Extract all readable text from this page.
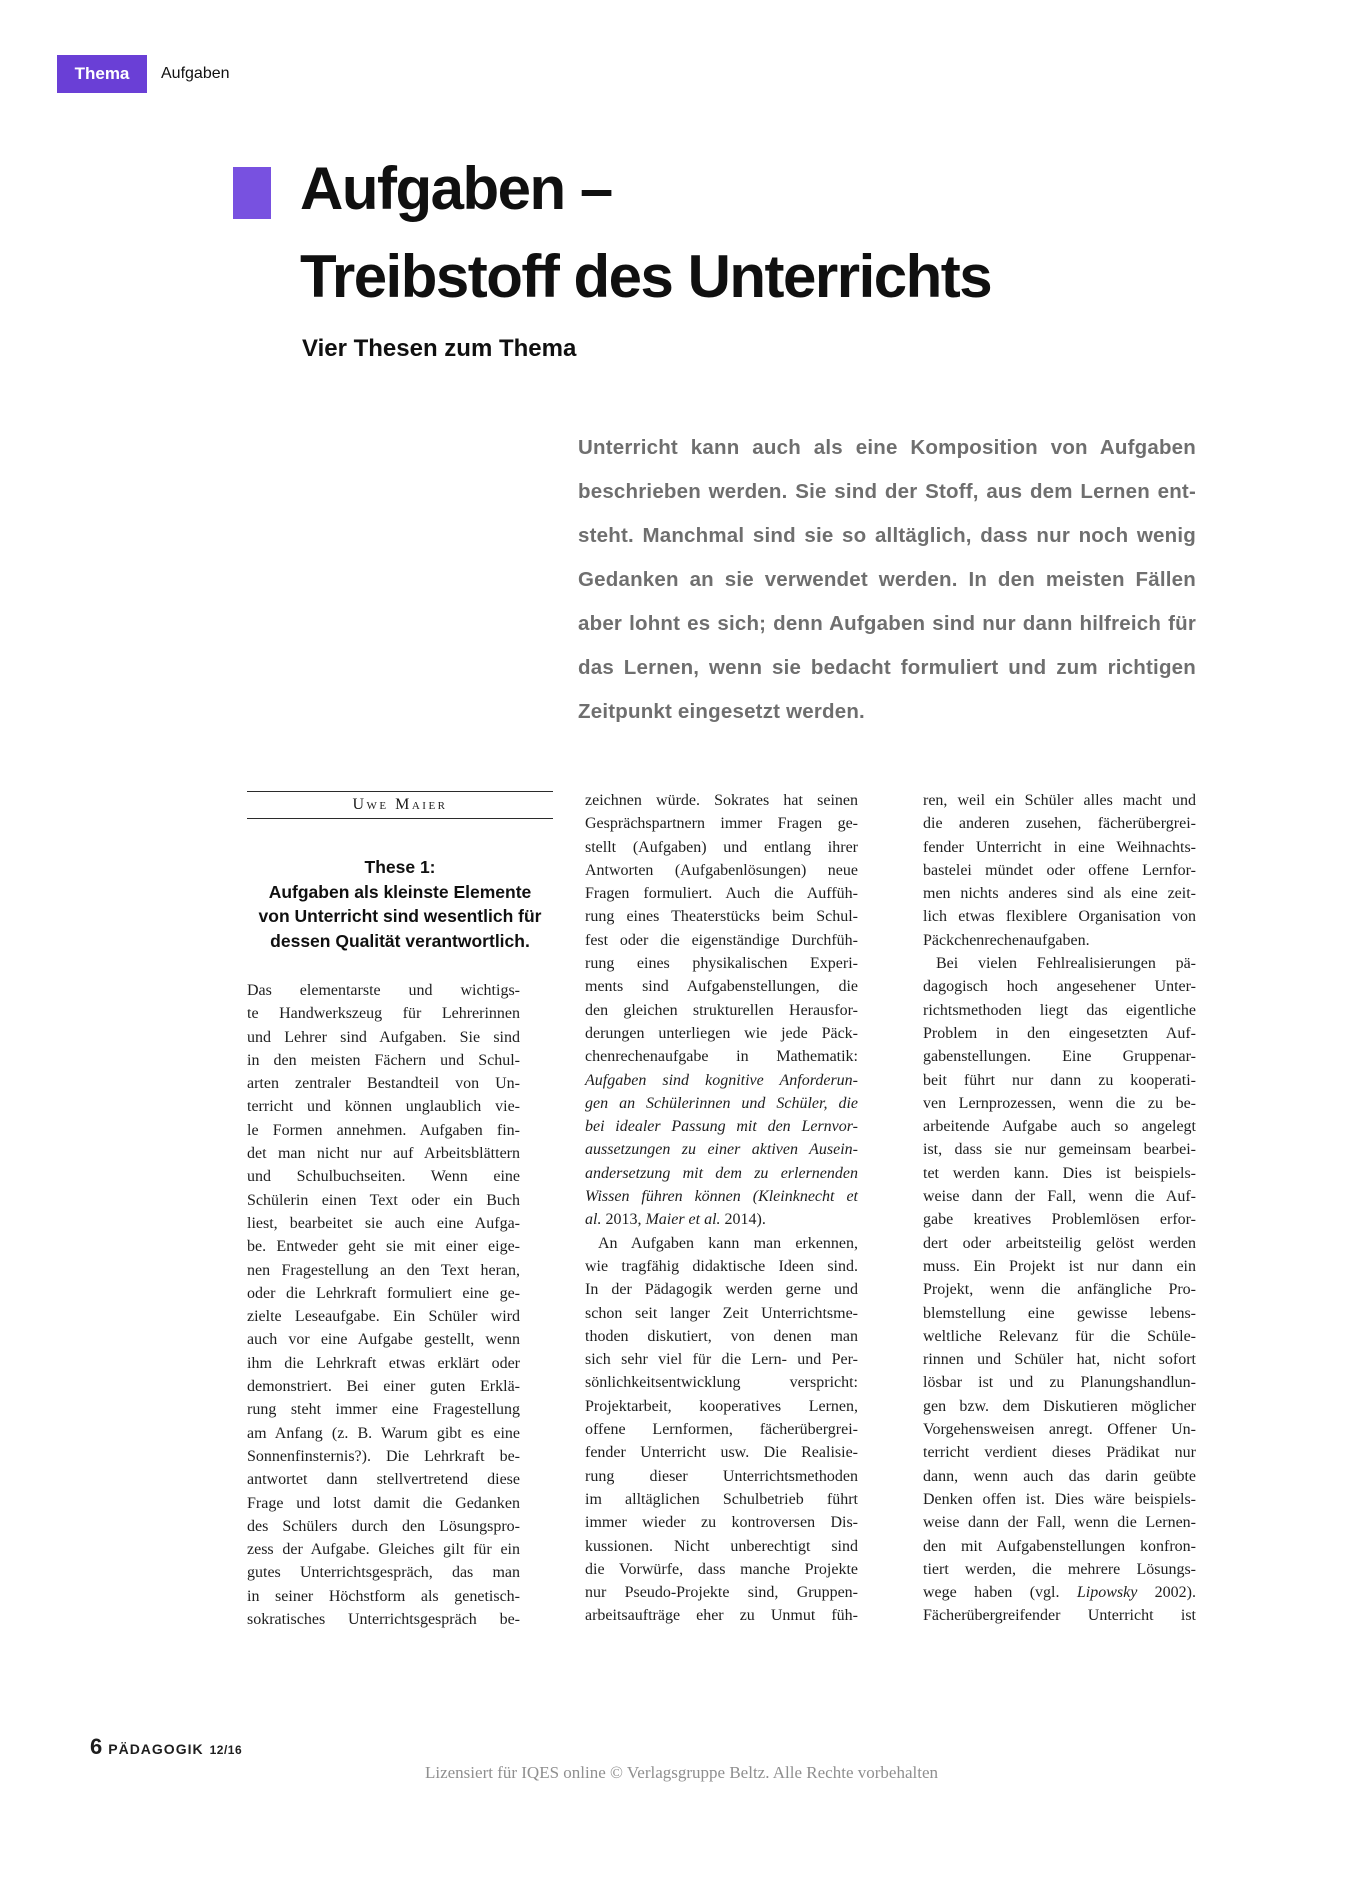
Thema Aufgaben
Aufgaben –
Treibstoff des Unterrichts
Vier Thesen zum Thema
Unterricht kann auch als eine Komposition von Aufgaben
beschrieben werden. Sie sind der Stoff, aus dem Lernen ent-
steht. Manchmal sind sie so alltäglich, dass nur noch wenig
Gedanken an sie verwendet werden. In den meisten Fällen
aber lohnt es sich; denn Aufgaben sind nur dann hilfreich für
das Lernen, wenn sie bedacht formuliert und zum richtigen
Zeitpunkt eingesetzt werden.
Uwe Maier
These 1:
Aufgaben als kleinste Elemente
von Unterricht sind wesentlich für
dessen Qualität verantwortlich.
Das elementarste und wichtigs-
te Handwerkszeug für Lehrerinnen
und Lehrer sind Aufgaben. Sie sind
in den meisten Fächern und Schul-
arten zentraler Bestandteil von Un-
terricht und können unglaublich vie-
le Formen annehmen. Aufgaben fin-
det man nicht nur auf Arbeitsblättern
und Schulbuchseiten. Wenn eine
Schülerin einen Text oder ein Buch
liest, bearbeitet sie auch eine Aufga-
be. Entweder geht sie mit einer eige-
nen Fragestellung an den Text heran,
oder die Lehrkraft formuliert eine ge-
zielte Leseaufgabe. Ein Schüler wird
auch vor eine Aufgabe gestellt, wenn
ihm die Lehrkraft etwas erklärt oder
demonstriert. Bei einer guten Erklä-
rung steht immer eine Fragestellung
am Anfang (z. B. Warum gibt es eine
Sonnenfinsternis?). Die Lehrkraft be-
antwortet dann stellvertretend diese
Frage und lotst damit die Gedanken
des Schülers durch den Lösungspro-
zess der Aufgabe. Gleiches gilt für ein
gutes Unterrichtsgespräch, das man
in seiner Höchstform als genetisch-
sokratisches Unterrichtsgespräch be-
zeichnen würde. Sokrates hat seinen
Gesprächspartnern immer Fragen ge-
stellt (Aufgaben) und entlang ihrer
Antworten (Aufgabenlösungen) neue
Fragen formuliert. Auch die Auffüh-
rung eines Theaterstücks beim Schul-
fest oder die eigenständige Durchfüh-
rung eines physikalischen Experi-
ments sind Aufgabenstellungen, die
den gleichen strukturellen Herausfor-
derungen unterliegen wie jede Päck-
chenrechenaufgabe in Mathematik:
Aufgaben sind kognitive Anforderun-
gen an Schülerinnen und Schüler, die
bei idealer Passung mit den Lernvor-
aussetzungen zu einer aktiven Ausein-
andersetzung mit dem zu erlernenden
Wissen führen können (Kleinknecht et
al. 2013, Maier et al. 2014).
An Aufgaben kann man erkennen,
wie tragfähig didaktische Ideen sind.
In der Pädagogik werden gerne und
schon seit langer Zeit Unterrichtsme-
thoden diskutiert, von denen man
sich sehr viel für die Lern- und Per-
sönlichkeitsentwicklung verspricht:
Projektarbeit, kooperatives Lernen,
offene Lernformen, fächerübergrei-
fender Unterricht usw. Die Realisie-
rung dieser Unterrichtsmethoden
im alltäglichen Schulbetrieb führt
immer wieder zu kontroversen Dis-
kussionen. Nicht unberechtigt sind
die Vorwürfe, dass manche Projekte
nur Pseudo-Projekte sind, Gruppen-
arbeitsaufträge eher zu Unmut füh-
ren, weil ein Schüler alles macht und
die anderen zusehen, fächerübergrei-
fender Unterricht in eine Weihnachts-
bastelei mündet oder offene Lernfor-
men nichts anderes sind als eine zeit-
lich etwas flexiblere Organisation von
Päckchenrechenaufgaben.
Bei vielen Fehlrealisierungen pä-
dagogisch hoch angesehener Unter-
richtsmethoden liegt das eigentliche
Problem in den eingesetzten Auf-
gabenstellungen. Eine Gruppenar-
beit führt nur dann zu kooperati-
ven Lernprozessen, wenn die zu be-
arbeitende Aufgabe auch so angelegt
ist, dass sie nur gemeinsam bearbei-
tet werden kann. Dies ist beispiels-
weise dann der Fall, wenn die Auf-
gabe kreatives Problemlösen erfor-
dert oder arbeitsteilig gelöst werden
muss. Ein Projekt ist nur dann ein
Projekt, wenn die anfängliche Pro-
blemstellung eine gewisse lebens-
weltliche Relevanz für die Schüle-
rinnen und Schüler hat, nicht sofort
lösbar ist und zu Planungshandlun-
gen bzw. dem Diskutieren möglicher
Vorgehensweisen anregt. Offener Un-
terricht verdient dieses Prädikat nur
dann, wenn auch das darin geübte
Denken offen ist. Dies wäre beispiels-
weise dann der Fall, wenn die Lernen-
den mit Aufgabenstellungen konfron-
tiert werden, die mehrere Lösungs-
wege haben (vgl. Lipowsky 2002).
Fächerübergreifender Unterricht ist
6 PÄDAGOGIK 12/16
Lizensiert für IQES online © Verlagsgruppe Beltz. Alle Rechte vorbehalten
